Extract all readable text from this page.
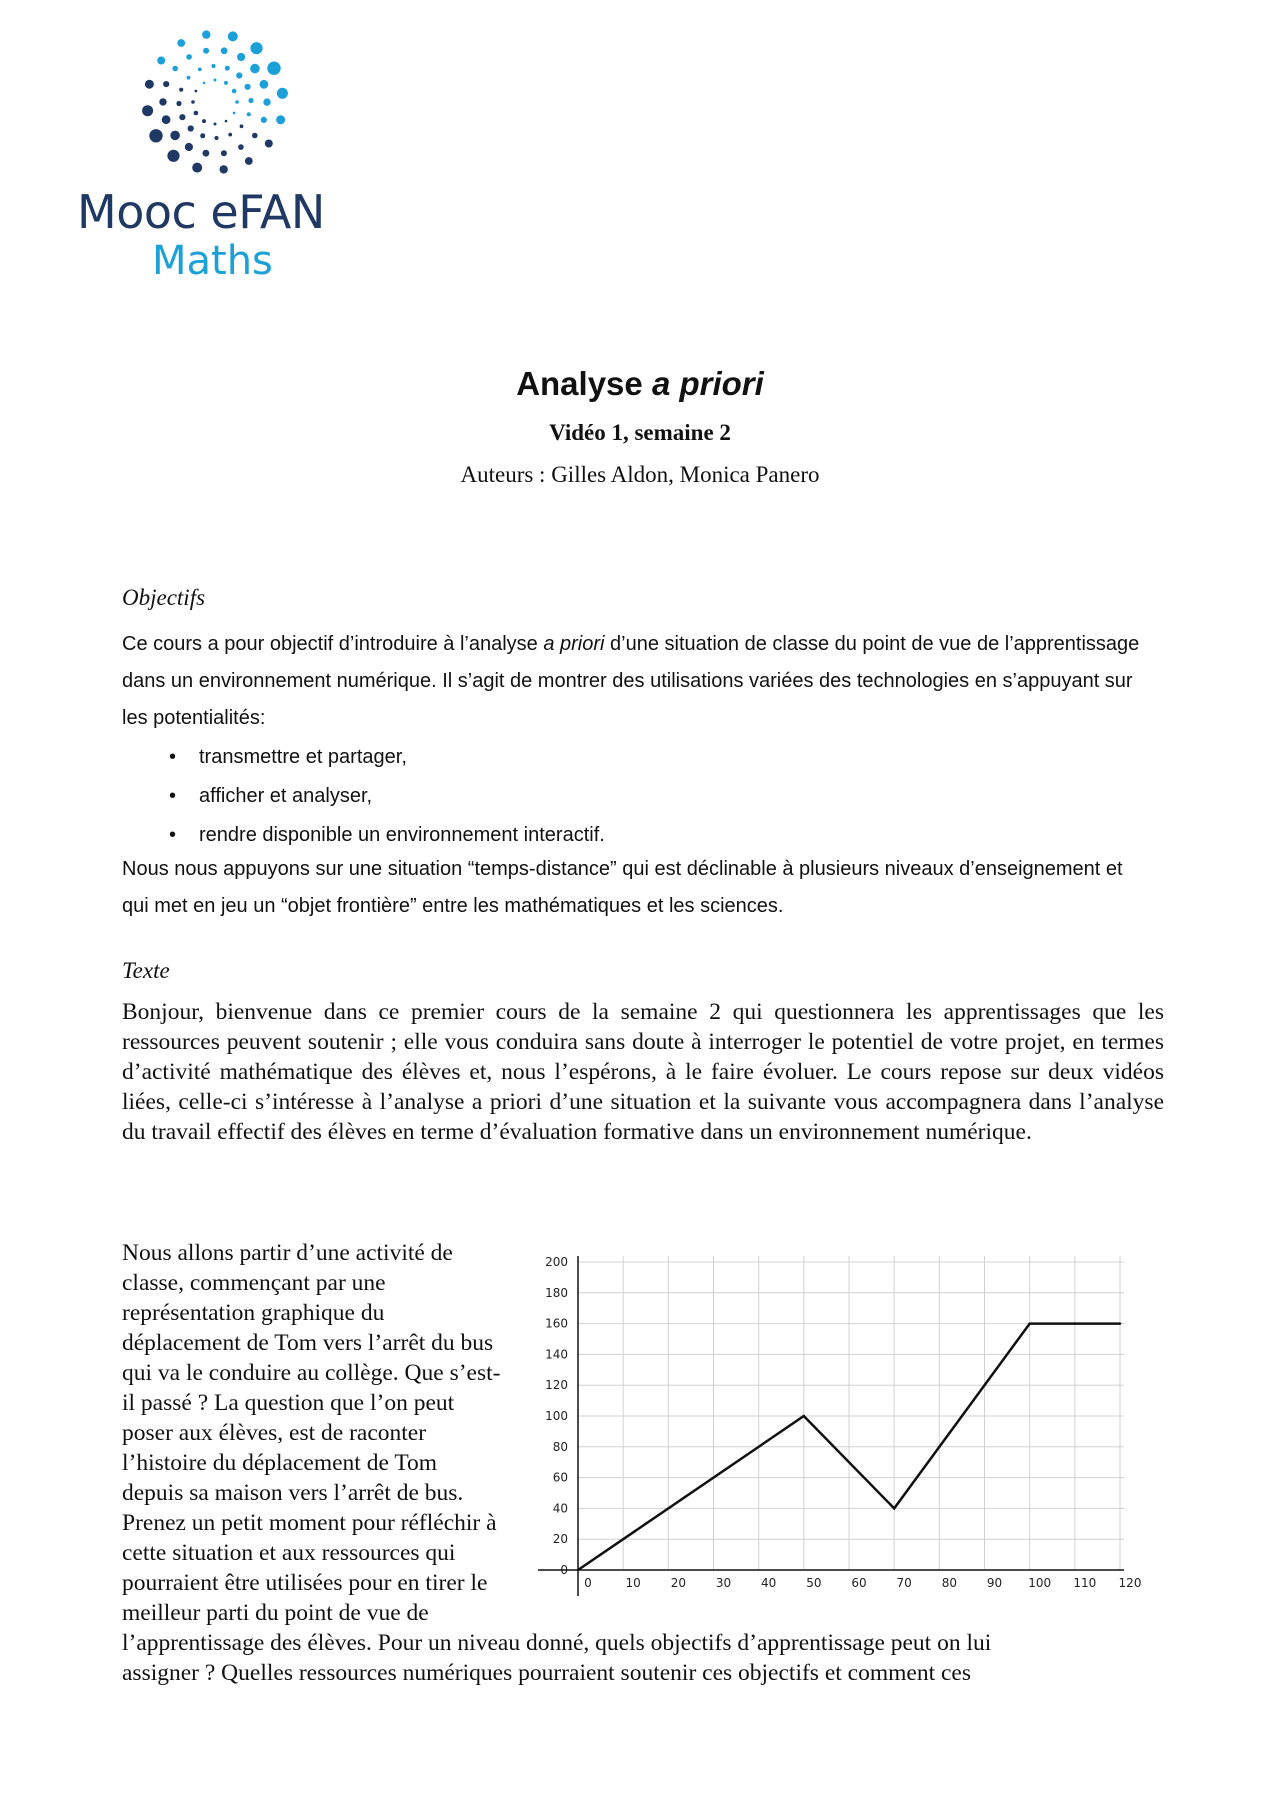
Mooc eFAN
Maths
Analyse a priori
Vidéo 1, semaine 2
Auteurs : Gilles Aldon, Monica Panero
Objectifs
Ce cours a pour objectif d’introduire à l’analyse a priori d’une situation de classe du point de vue de l’apprentissage dans un environnement numérique. Il s’agit de montrer des utilisations variées des technologies en s’appuyant sur les potentialités:
• transmettre et partager,
• afficher et analyser,
• rendre disponible un environnement interactif.
Nous nous appuyons sur une situation “temps-distance” qui est déclinable à plusieurs niveaux d’enseignement et qui met en jeu un “objet frontière” entre les mathématiques et les sciences.
Texte
Bonjour, bienvenue dans ce premier cours de la semaine 2 qui questionnera les apprentissages que les ressources peuvent soutenir ; elle vous conduira sans doute à interroger le potentiel de votre projet, en termes d’activité mathématique des élèves et, nous l’espérons, à le faire évoluer. Le cours repose sur deux vidéos liées, celle-ci s’intéresse à l’analyse a priori d’une situation et la suivante vous accompagnera dans l’analyse du travail effectif des élèves en terme d’évaluation formative dans un environnement numérique.
Nous allons partir d’une activité de
classe, commençant par une
représentation graphique du
déplacement de Tom vers l’arrêt du bus
qui va le conduire au collège. Que s’est-
il passé ? La question que l’on peut
poser aux élèves, est de raconter
l’histoire du déplacement de Tom
depuis sa maison vers l’arrêt de bus.
Prenez un petit moment pour réfléchir à
cette situation et aux ressources qui
pourraient être utilisées pour en tirer le
meilleur parti du point de vue de
0	10 20 30 40 50 60 70 80 90 100 110 120
0
20
40
60
80
100
120
140
160
180
200
l’apprentissage des élèves. Pour un niveau donné, quels objectifs d’apprentissage peut on lui
assigner ? Quelles ressources numériques pourraient soutenir ces objectifs et comment ces
